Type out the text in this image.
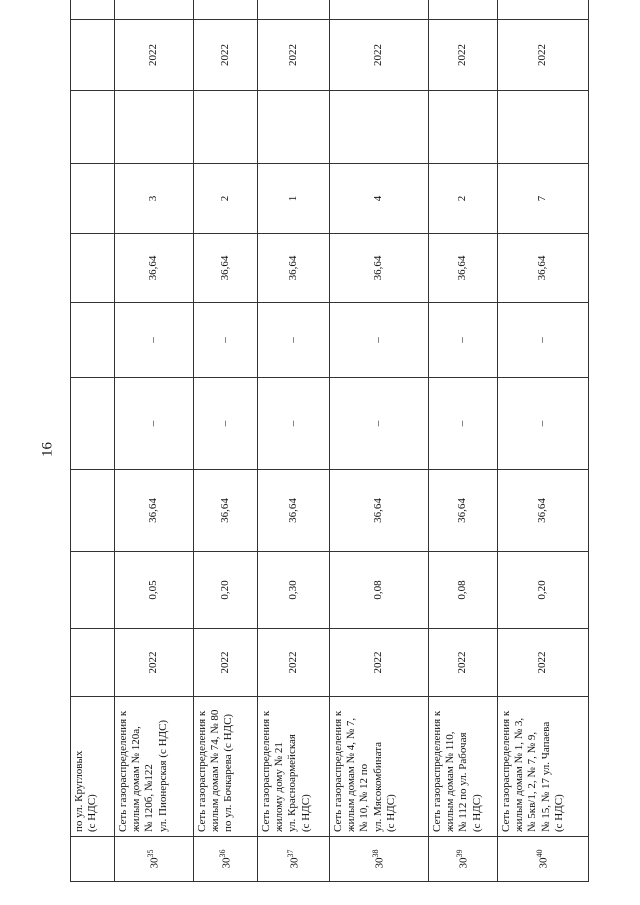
16

	по ул. Кругловых (с НДС)

$30^{35}$	Сеть газораспределения к жилым домам № 120а, № 120б, №122 ул. Пионерская (с НДС)	2022	0,05	36,64	–	–	36,64	3		2022	
$30^{36}$	Сеть газораспределения к жилым домам № 74, № 80 по ул. Бочкарева (с НДС)	2022	0,20	36,64	–	–	36,64	2		2022	
$30^{37}$	Сеть газораспределения к жилому дому № 21 ул. Красноармейская (с НДС)	2022	0,30	36,64	–	–	36,64	1		2022	
$30^{38}$	Сеть газораспределения к жилым домам № 4, № 7, № 10, № 12 по ул. Мясокомбината (с НДС)	2022	0,08	36,64	–	–	36,64	4		2022	
$30^{39}$	Сеть газораспределения к жилым домам № 110, № 112 по ул. Рабочая (с НДС)	2022	0,08	36,64	–	–	36,64	2		2022	
$30^{40}$	Сеть газораспределения к жилым домам № 1, № 3, № 5кв/1, 2, № 7, № 9, № 15, № 17 ул. Чапаева (с НДС)	2022	0,20	36,64	–	–	36,64	7		2022	
